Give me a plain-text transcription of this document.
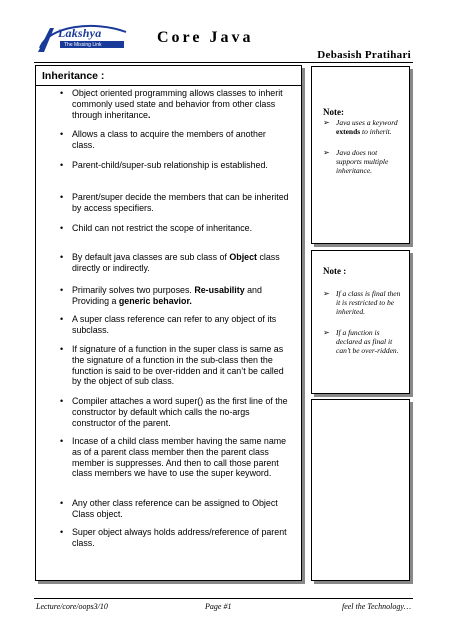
Lakshya
The Missing Link	Core Java
Debasish Pratihari
Inheritance :
• Object oriented programming allows classes to inherit commonly used state and behavior from other class through inheritance.
• Allows a class to acquire the members of another class.
• Parent-child/super-sub relationship is established.
• Parent/super decide the members that can be inherited by access specifiers.
• Child can not restrict the scope of inheritance.
• By default java classes are sub class of Object class directly or indirectly.
• Primarily solves two purposes. Re-usability and Providing a generic behavior.
• A super class reference can refer to any object of its subclass.
• If signature of a function in the super class is same as the signature of a function in the sub-class then the function is said to be over-ridden and it can’t be called by the object of sub class.
• Compiler attaches a word super() as the first line of the constructor by default which calls the no-args constructor of the parent.
• Incase of a child class member having the same name as of a parent class member then the parent class member is suppresses. And then to call those parent class members we have to use the super keyword.
• Any other class reference can be assigned to Object Class object.
• Super object always holds address/reference of parent class.
Note:
➢ Java uses a keyword extends to inherit.
➢ Java does not supports multiple inheritance.
Note :
➢ If a class is final then it is restricted to be inherited.
➢ If a function is declared as final it can’t be over-ridden.
Lecture/core/oops3/10	Page #1	feel the Technology…
